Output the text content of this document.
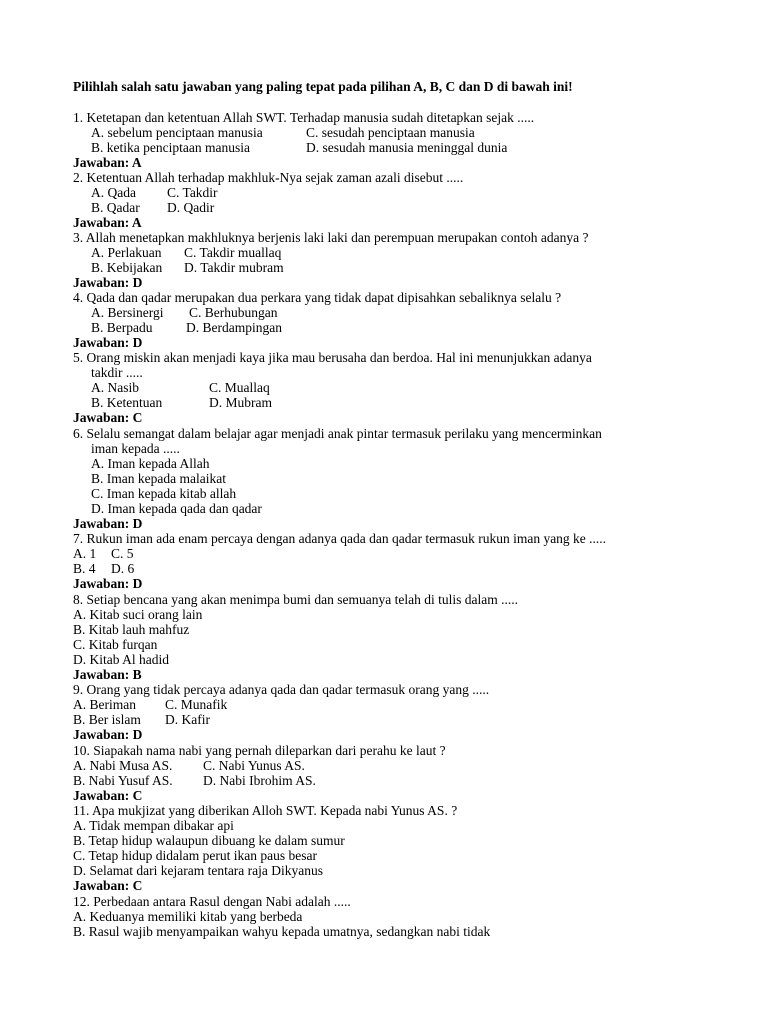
Pilihlah salah satu jawaban yang paling tepat pada pilihan A, B, C dan D di bawah ini!
1. Ketetapan dan ketentuan Allah SWT. Terhadap manusia sudah ditetapkan sejak .....
A. sebelum penciptaan manusia	C. sesudah penciptaan manusia
B. ketika penciptaan manusia	D. sesudah manusia meninggal dunia
Jawaban: A
2. Ketentuan Allah terhadap makhluk-Nya sejak zaman azali disebut .....
A. Qada C. Takdir
B. Qadar D. Qadir
Jawaban: A
3. Allah menetapkan makhluknya berjenis laki laki dan perempuan merupakan contoh adanya ?
A. Perlakuan C. Takdir muallaq
B. Kebijakan D. Takdir mubram
Jawaban: D
4. Qada dan qadar merupakan dua perkara yang tidak dapat dipisahkan sebaliknya selalu ?
A. Bersinergi C. Berhubungan
B. Berpadu D. Berdampingan
Jawaban: D
5. Orang miskin akan menjadi kaya jika mau berusaha dan berdoa. Hal ini menunjukkan adanya
takdir .....
A. Nasib	C. Muallaq
B. Ketentuan	D. Mubram
Jawaban: C
6. Selalu semangat dalam belajar agar menjadi anak pintar termasuk perilaku yang mencerminkan
iman kepada .....
A. Iman kepada Allah
B. Iman kepada malaikat
C. Iman kepada kitab allah
D. Iman kepada qada dan qadar
Jawaban: D
7. Rukun iman ada enam percaya dengan adanya qada dan qadar termasuk rukun iman yang ke .....
A. 1 C. 5
B. 4 D. 6
Jawaban: D
8. Setiap bencana yang akan menimpa bumi dan semuanya telah di tulis dalam .....
A. Kitab suci orang lain
B. Kitab lauh mahfuz
C. Kitab furqan
D. Kitab Al hadid
Jawaban: B
9. Orang yang tidak percaya adanya qada dan qadar termasuk orang yang .....
A. Beriman C. Munafik
B. Ber islam D. Kafir
Jawaban: D
10. Siapakah nama nabi yang pernah dileparkan dari perahu ke laut ?
A. Nabi Musa AS. C. Nabi Yunus AS.
B. Nabi Yusuf AS. D. Nabi Ibrohim AS.
Jawaban: C
11. Apa mukjizat yang diberikan Alloh SWT. Kepada nabi Yunus AS. ?
A. Tidak mempan dibakar api
B. Tetap hidup walaupun dibuang ke dalam sumur
C. Tetap hidup didalam perut ikan paus besar
D. Selamat dari kejaram tentara raja Dikyanus
Jawaban: C
12. Perbedaan antara Rasul dengan Nabi adalah .....
A. Keduanya memiliki kitab yang berbeda
B. Rasul wajib menyampaikan wahyu kepada umatnya, sedangkan nabi tidak
